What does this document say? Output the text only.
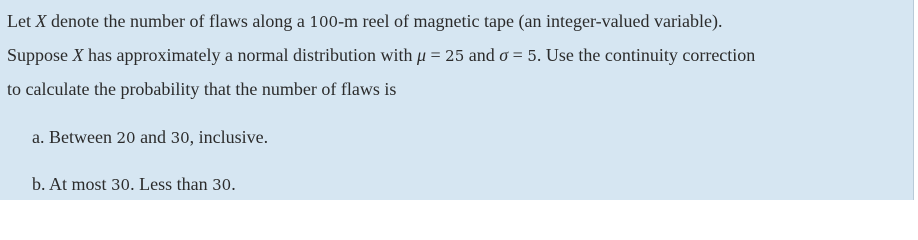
Let X denote the number of flaws along a 100-m reel of magnetic tape (an integer-valued variable).
Suppose X has approximately a normal distribution with μ = 25 and σ = 5. Use the continuity correction
to calculate the probability that the number of flaws is

a. Between 20 and 30, inclusive.

b. At most 30. Less than 30.
